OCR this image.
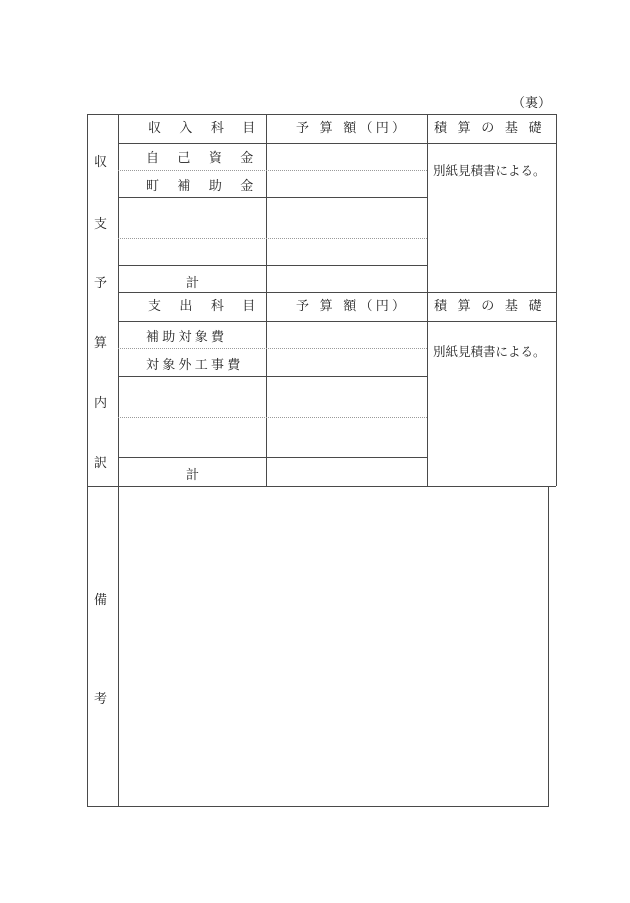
（裏）
収
支
予
算
内
訳
備
考
収 入 科 目	予 算 額（円） 積 算 の 基 礎
自 己 資 金
町 補 助 金
計
別紙見積書による。
支 出 科 目	予 算 額（円） 積 算 の 基 礎
補助対象費
対象外工事費
計
別紙見積書による。
